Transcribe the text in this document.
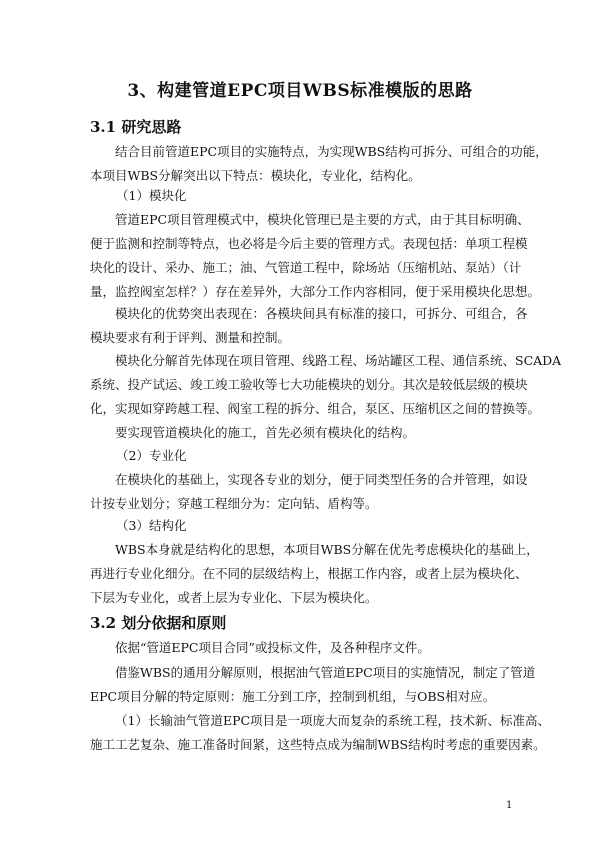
3、构建管道EPC项目WBS标准模版的思路
3.1 研究思路
结合目前管道EPC项目的实施特点，为实现WBS结构可拆分、可组合的功能，
本项目WBS分解突出以下特点：模块化，专业化，结构化。
（1）模块化
管道EPC项目管理模式中，模块化管理已是主要的方式，由于其目标明确、
便于监测和控制等特点，也必将是今后主要的管理方式。表现包括：单项工程模
块化的设计、采办、施工；油、气管道工程中，除场站（压缩机站、泵站）（计
量，监控阀室怎样？）存在差异外，大部分工作内容相同，便于采用模块化思想。
模块化的优势突出表现在：各模块间具有标准的接口，可拆分、可组合，各
模块要求有利于评判、测量和控制。
模块化分解首先体现在项目管理、线路工程、场站罐区工程、通信系统、SCADA
系统、投产试运、竣工竣工验收等七大功能模块的划分。其次是较低层级的模块
化，实现如穿跨越工程、阀室工程的拆分、组合，泵区、压缩机区之间的替换等。
要实现管道模块化的施工，首先必须有模块化的结构。
（2）专业化
在模块化的基础上，实现各专业的划分，便于同类型任务的合并管理，如设
计按专业划分；穿越工程细分为：定向钻、盾构等。
（3）结构化
WBS本身就是结构化的思想，本项目WBS分解在优先考虑模块化的基础上，
再进行专业化细分。在不同的层级结构上，根据工作内容，或者上层为模块化、
下层为专业化，或者上层为专业化、下层为模块化。
3.2 划分依据和原则
依据“管道EPC项目合同”或投标文件，及各种程序文件。
借鉴WBS的通用分解原则，根据油气管道EPC项目的实施情况，制定了管道
EPC项目分解的特定原则：施工分到工序，控制到机组，与OBS相对应。
（1）长输油气管道EPC项目是一项庞大而复杂的系统工程，技术新、标准高、
施工工艺复杂、施工准备时间紧，这些特点成为编制WBS结构时考虑的重要因素。
1
